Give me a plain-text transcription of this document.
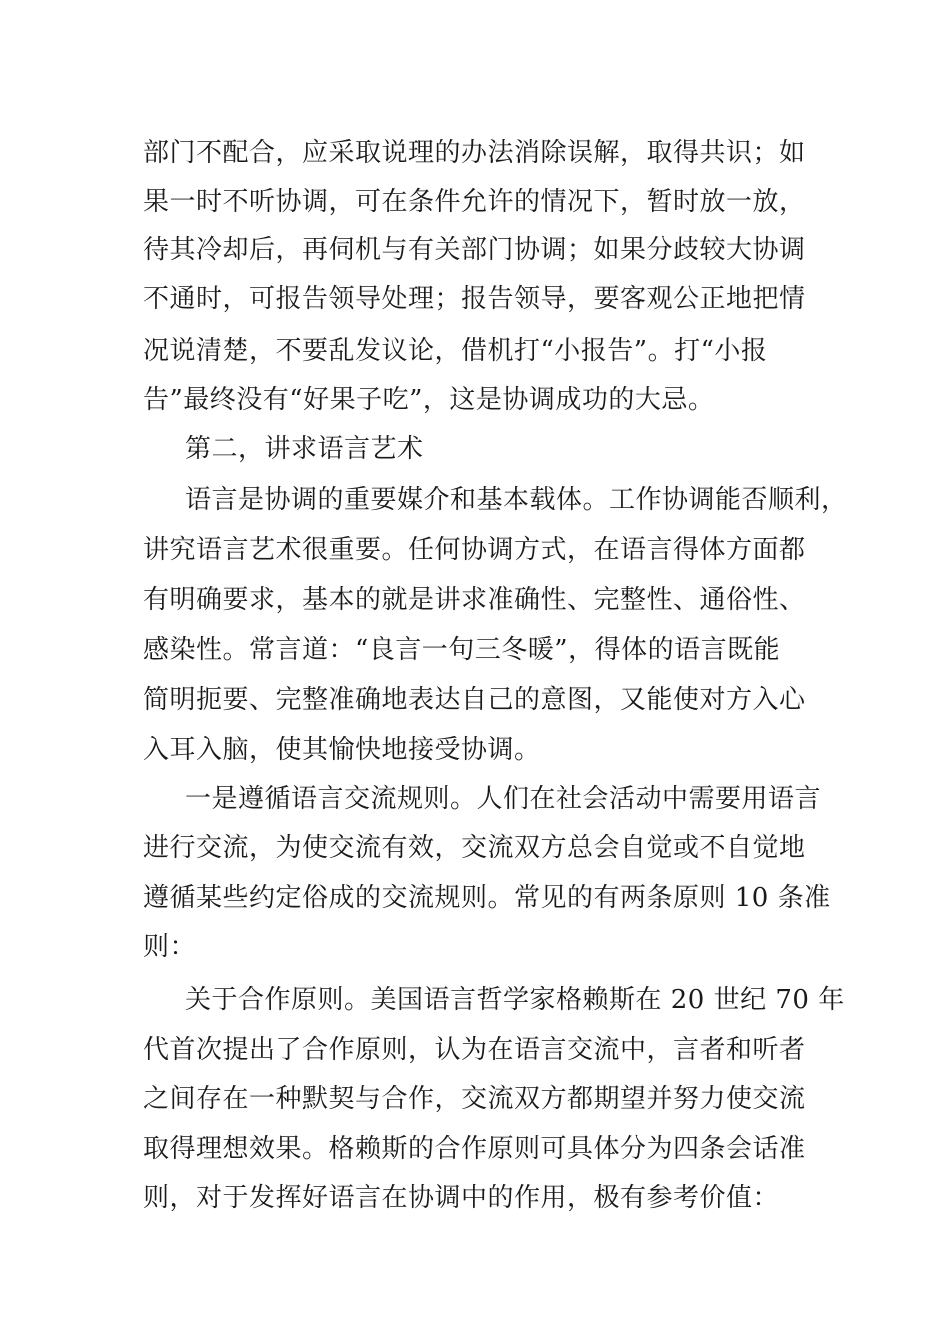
部门不配合，应采取说理的办法消除误解，取得共识；如
果一时不听协调，可在条件允许的情况下，暂时放一放，
待其冷却后，再伺机与有关部门协调；如果分歧较大协调
不通时，可报告领导处理；报告领导，要客观公正地把情
况说清楚，不要乱发议论，借机打“小报告”。打“小报
告”最终没有“好果子吃”，这是协调成功的大忌。
第二，讲求语言艺术
语言是协调的重要媒介和基本载体。工作协调能否顺利，
讲究语言艺术很重要。任何协调方式，在语言得体方面都
有明确要求，基本的就是讲求准确性、完整性、通俗性、
感染性。常言道：“良言一句三冬暖”，得体的语言既能
简明扼要、完整准确地表达自己的意图，又能使对方入心
入耳入脑，使其愉快地接受协调。
一是遵循语言交流规则。人们在社会活动中需要用语言
进行交流，为使交流有效，交流双方总会自觉或不自觉地
遵循某些约定俗成的交流规则。常见的有两条原则 10 条准
则：
关于合作原则。美国语言哲学家格赖斯在 20 世纪 70 年
代首次提出了合作原则，认为在语言交流中，言者和听者
之间存在一种默契与合作，交流双方都期望并努力使交流
取得理想效果。格赖斯的合作原则可具体分为四条会话准
则，对于发挥好语言在协调中的作用，极有参考价值：
